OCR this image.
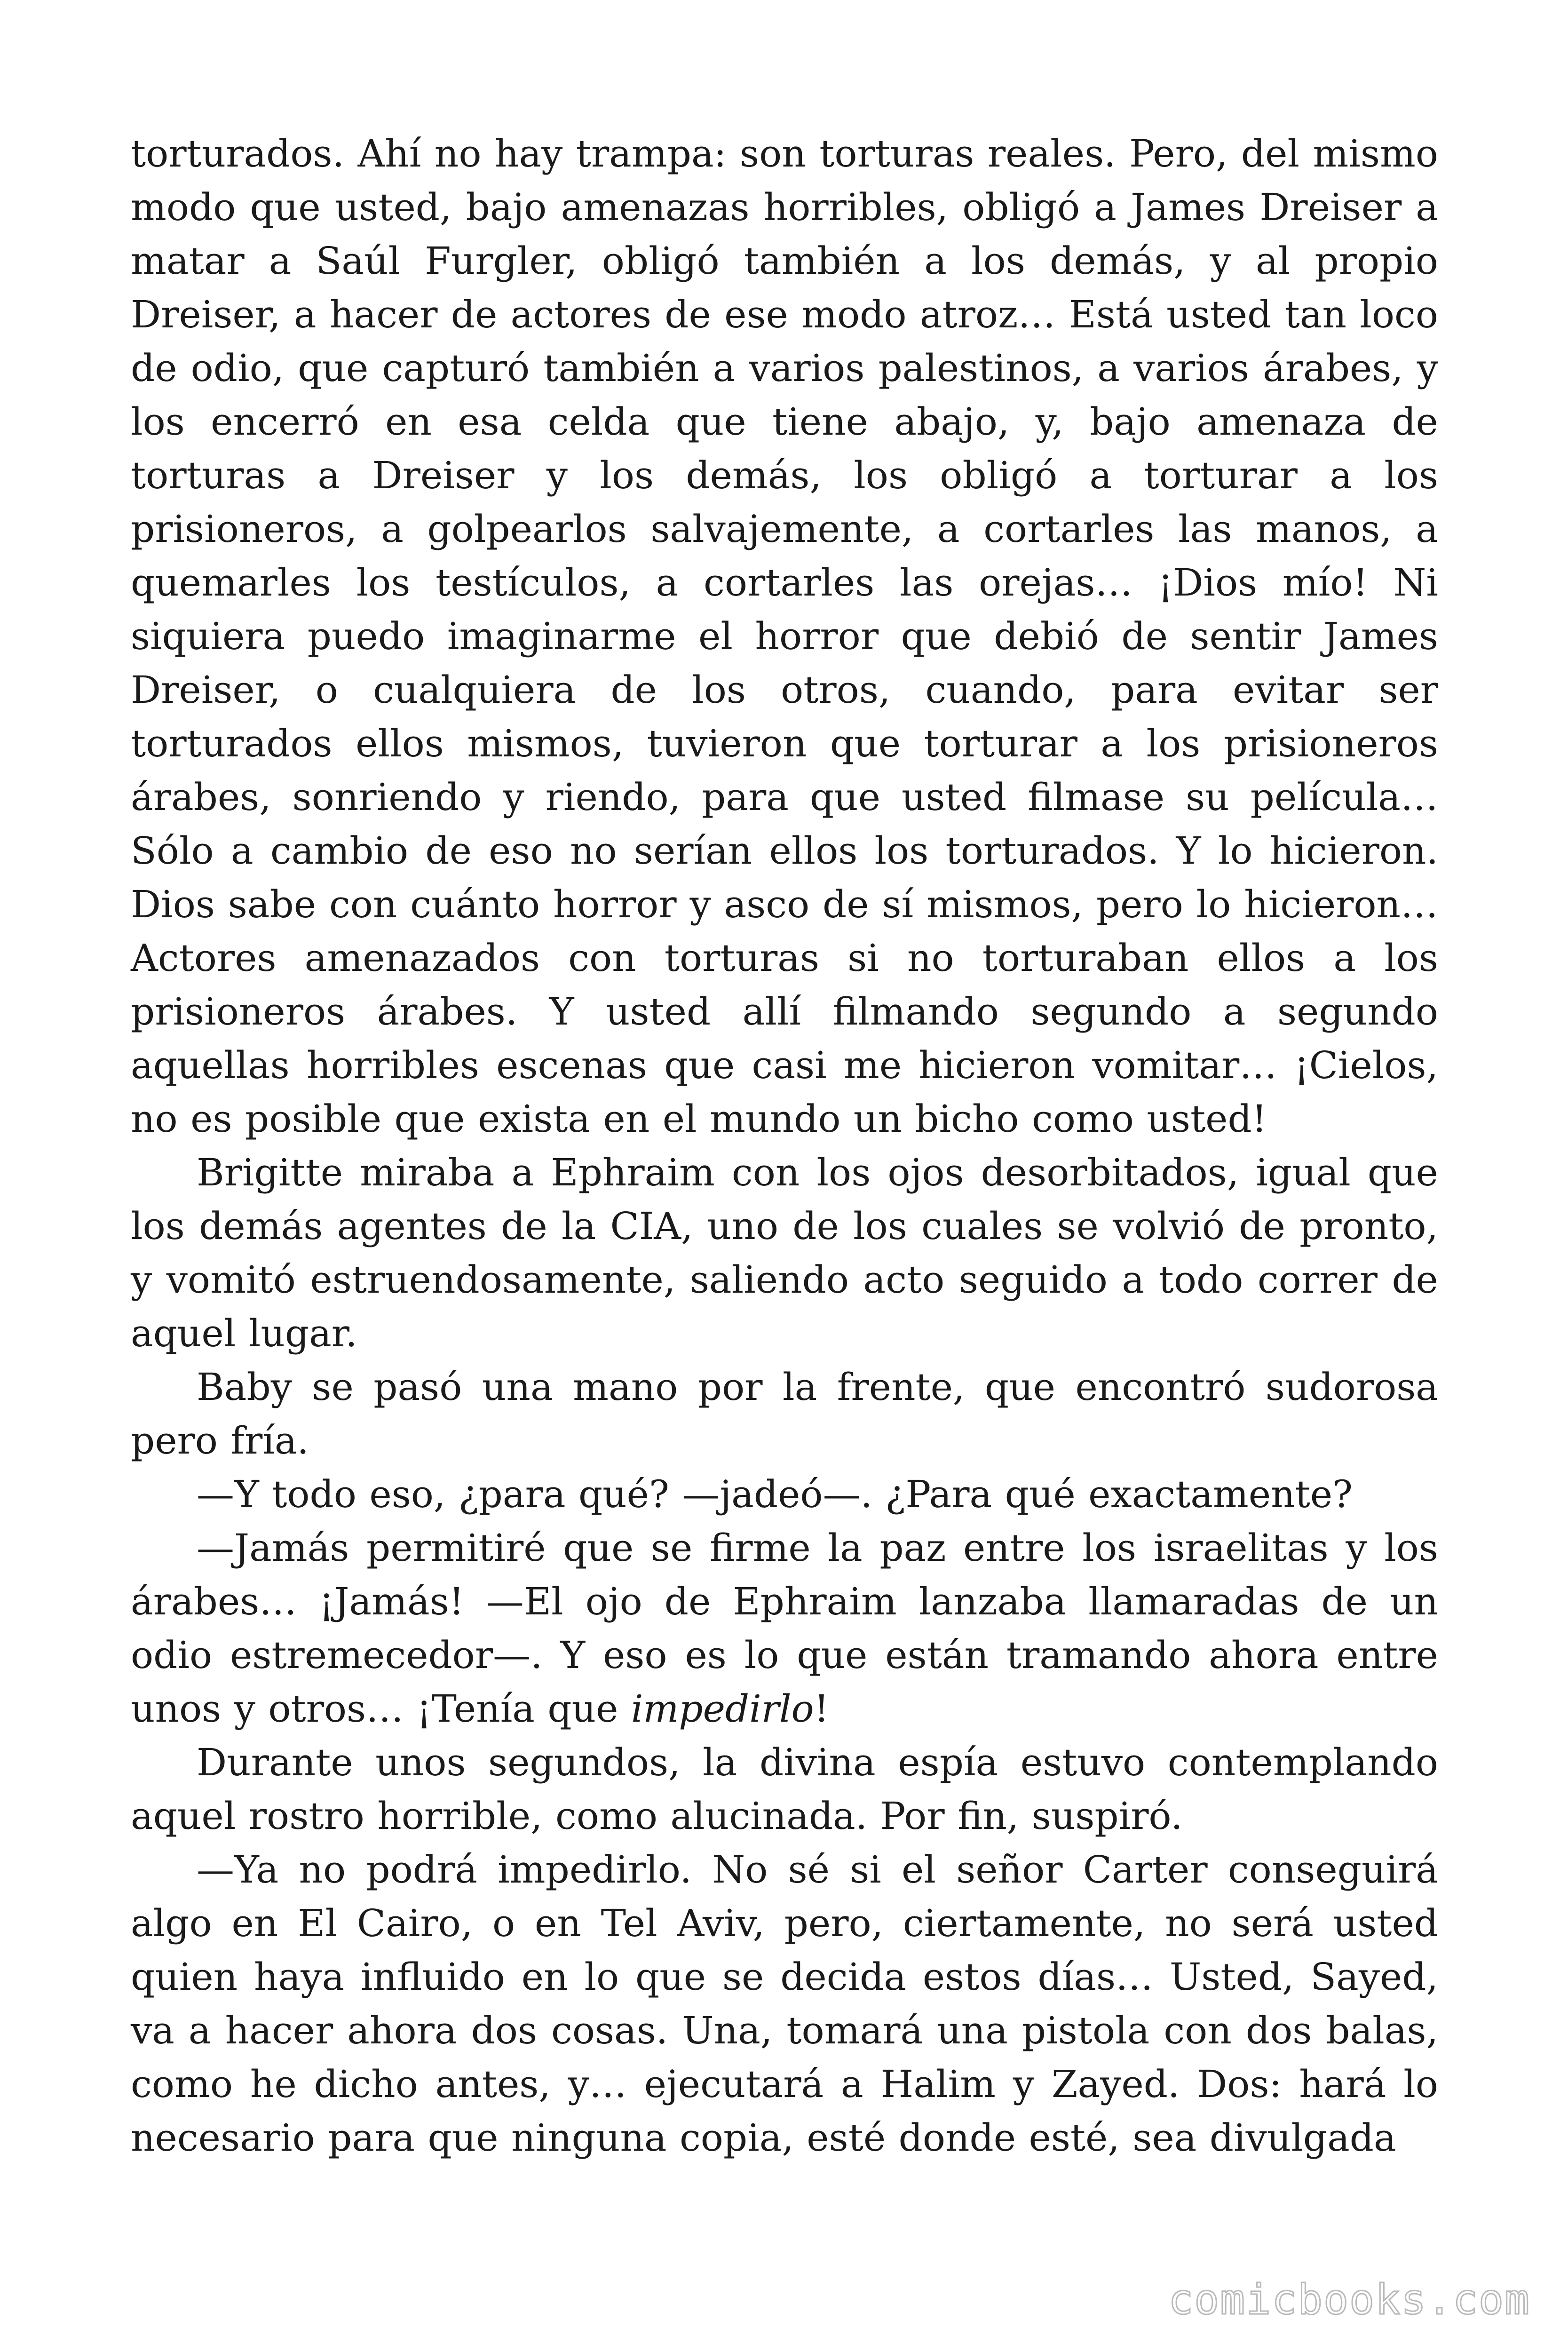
torturados. Ahí no hay trampa: son torturas reales. Pero, del mismo modo que usted, bajo amenazas horribles, obligó a James Dreiser a matar a Saúl Furgler, obligó también a los demás, y al propio Dreiser, a hacer de actores de ese modo atroz… Está usted tan loco de odio, que capturó también a varios palestinos, a varios árabes, y los encerró en esa celda que tiene abajo, y, bajo amenaza de torturas a Dreiser y los demás, los obligó a torturar a los prisioneros, a golpearlos salvajemente, a cortarles las manos, a quemarles los testículos, a cortarles las orejas… ¡Dios mío! Ni siquiera puedo imaginarme el horror que debió de sentir James Dreiser, o cualquiera de los otros, cuando, para evitar ser torturados ellos mismos, tuvieron que torturar a los prisioneros árabes, sonriendo y riendo, para que usted filmase su película… Sólo a cambio de eso no serían ellos los torturados. Y lo hicieron. Dios sabe con cuánto horror y asco de sí mismos, pero lo hicieron… Actores amenazados con torturas si no torturaban ellos a los prisioneros árabes. Y usted allí filmando segundo a segundo aquellas horribles escenas que casi me hicieron vomitar… ¡Cielos, no es posible que exista en el mundo un bicho como usted!

Brigitte miraba a Ephraim con los ojos desorbitados, igual que los demás agentes de la CIA, uno de los cuales se volvió de pronto, y vomitó estruendosamente, saliendo acto seguido a todo correr de aquel lugar.

Baby se pasó una mano por la frente, que encontró sudorosa pero fría.

—Y todo eso, ¿para qué? —jadeó—. ¿Para qué exactamente?

—Jamás permitiré que se firme la paz entre los israelitas y los árabes… ¡Jamás! —El ojo de Ephraim lanzaba llamaradas de un odio estremecedor—. Y eso es lo que están tramando ahora entre unos y otros… ¡Tenía que impedirlo!

Durante unos segundos, la divina espía estuvo contemplando aquel rostro horrible, como alucinada. Por fin, suspiró.

—Ya no podrá impedirlo. No sé si el señor Carter conseguirá algo en El Cairo, o en Tel Aviv, pero, ciertamente, no será usted quien haya influido en lo que se decida estos días… Usted, Sayed, va a hacer ahora dos cosas. Una, tomará una pistola con dos balas, como he dicho antes, y… ejecutará a Halim y Zayed. Dos: hará lo necesario para que ninguna copia, esté donde esté, sea divulgada

comicbooks.com
